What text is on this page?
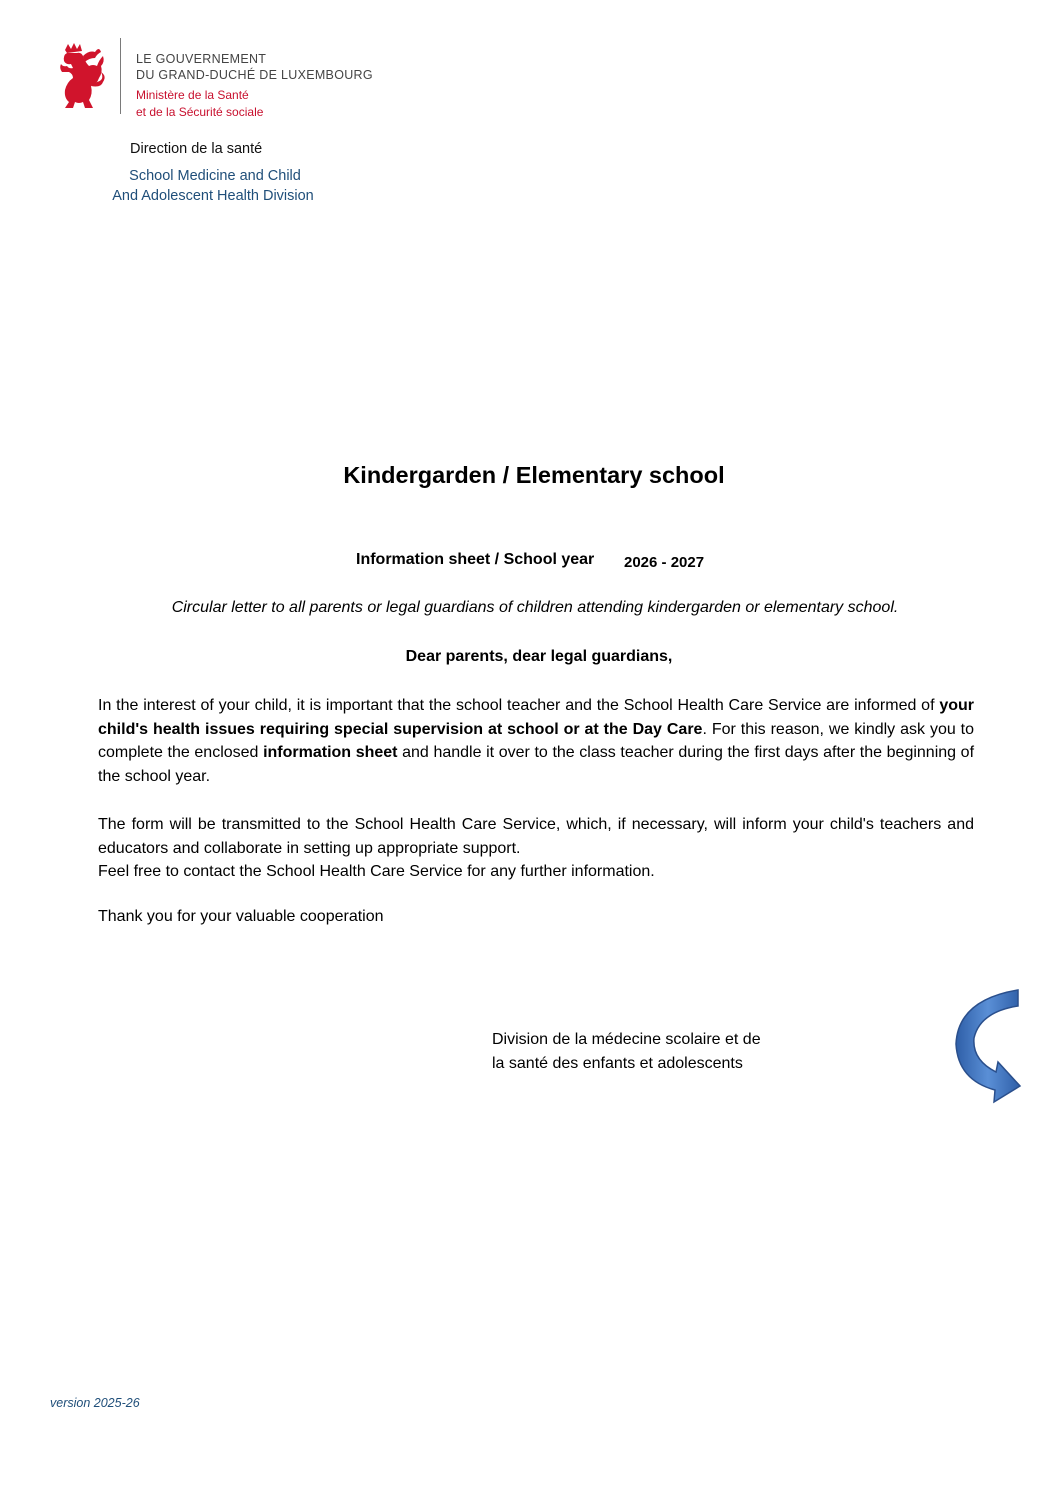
LE GOUVERNEMENT
DU GRAND-DUCHÉ DE LUXEMBOURG
Ministère de la Santé
et de la Sécurité sociale
Direction de la santé
School Medicine and Child
And Adolescent Health Division
Kindergarden / Elementary school
Information sheet / School year 2026 - 2027
Circular letter to all parents or legal guardians of children attending kindergarden or elementary school.
Dear parents, dear legal guardians,
In the interest of your child, it is important that the school teacher and the School Health Care Service are informed of your child's health issues requiring special supervision at school or at the Day Care. For this reason, we kindly ask you to complete the enclosed information sheet and handle it over to the class teacher during the first days after the beginning of the school year.
The form will be transmitted to the School Health Care Service, which, if necessary, will inform your child's teachers and educators and collaborate in setting up appropriate support.
Feel free to contact the School Health Care Service for any further information.
Thank you for your valuable cooperation
Division de la médecine scolaire et de
la santé des enfants et adolescents
version 2025-26
